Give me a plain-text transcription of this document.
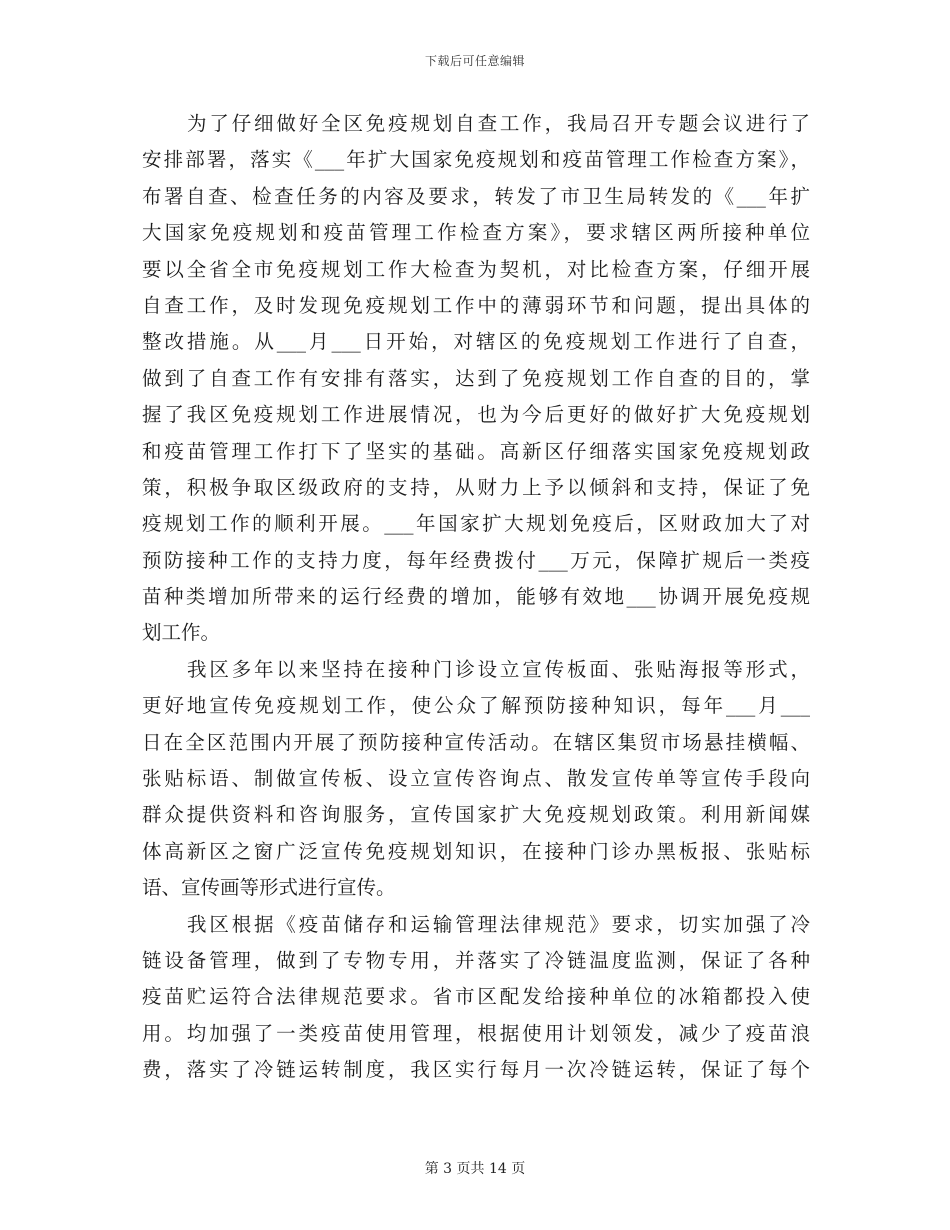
下载后可任意编辑
为了仔细做好全区免疫规划自查工作，我局召开专题会议进行了
安排部署，落实《___年扩大国家免疫规划和疫苗管理工作检查方案》，
布署自查、检查任务的内容及要求，转发了市卫生局转发的《___年扩
大国家免疫规划和疫苗管理工作检查方案》，要求辖区两所接种单位
要以全省全市免疫规划工作大检查为契机，对比检查方案，仔细开展
自查工作，及时发现免疫规划工作中的薄弱环节和问题，提出具体的
整改措施。从___月___日开始，对辖区的免疫规划工作进行了自查，
做到了自查工作有安排有落实，达到了免疫规划工作自查的目的，掌
握了我区免疫规划工作进展情况，也为今后更好的做好扩大免疫规划
和疫苗管理工作打下了坚实的基础。高新区仔细落实国家免疫规划政
策，积极争取区级政府的支持，从财力上予以倾斜和支持，保证了免
疫规划工作的顺利开展。___年国家扩大规划免疫后，区财政加大了对
预防接种工作的支持力度，每年经费拨付___万元，保障扩规后一类疫
苗种类增加所带来的运行经费的增加，能够有效地___协调开展免疫规
划工作。
我区多年以来坚持在接种门诊设立宣传板面、张贴海报等形式，
更好地宣传免疫规划工作，使公众了解预防接种知识，每年___月___
日在全区范围内开展了预防接种宣传活动。在辖区集贸市场悬挂横幅、
张贴标语、制做宣传板、设立宣传咨询点、散发宣传单等宣传手段向
群众提供资料和咨询服务，宣传国家扩大免疫规划政策。利用新闻媒
体高新区之窗广泛宣传免疫规划知识，在接种门诊办黑板报、张贴标
语、宣传画等形式进行宣传。
我区根据《疫苗储存和运输管理法律规范》要求，切实加强了冷
链设备管理，做到了专物专用，并落实了冷链温度监测，保证了各种
疫苗贮运符合法律规范要求。省市区配发给接种单位的冰箱都投入使
用。均加强了一类疫苗使用管理，根据使用计划领发，减少了疫苗浪
费，落实了冷链运转制度，我区实行每月一次冷链运转，保证了每个
第 3 页共 14 页
